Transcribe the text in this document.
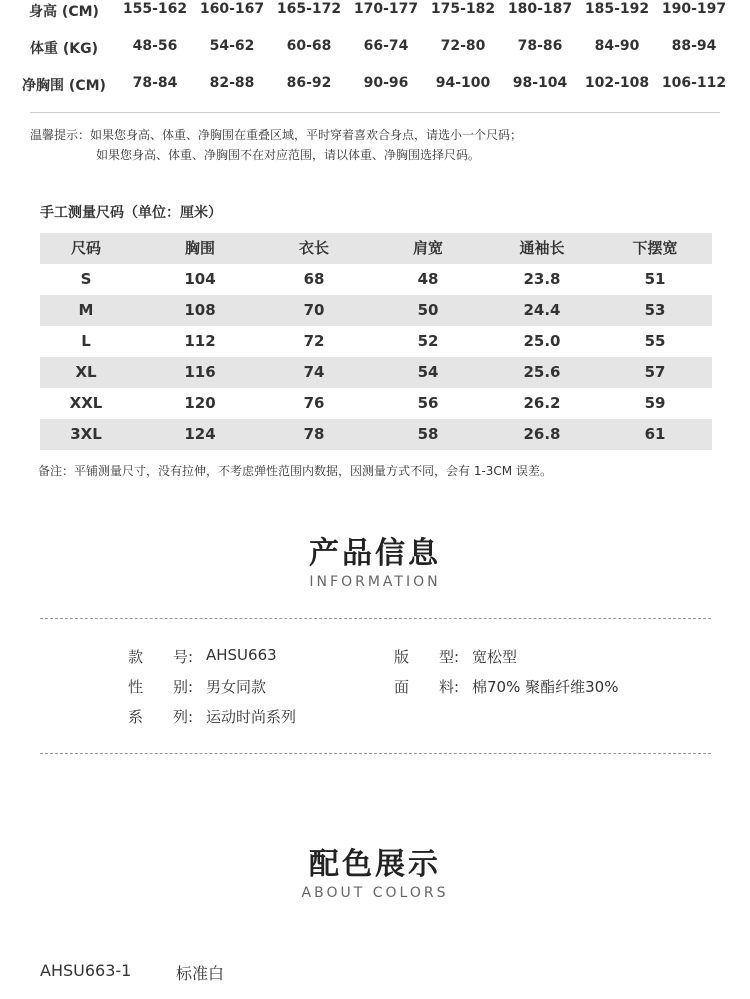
身高 (CM)	155-162 160-167 165-172 170-177 175-182 180-187 185-192 190-197
体重 (KG)	48-56	54-62	60-68	66-74	72-80	78-86	84-90	88-94
净胸围 (CM)	78-84	82-88	86-92	90-96	94-100	98-104	102-108 106-112
温馨提示：如果您身高、体重、净胸围在重叠区域，平时穿着喜欢合身点，请选小一个尺码；
如果您身高、体重、净胸围不在对应范围，请以体重、净胸围选择尺码。
手工测量尺码（单位：厘米）
尺码	胸围	衣长	肩宽	通袖长	下摆宽
S	104	68	48	23.8	51
M	108	70	50	24.4	53
L	112	72	52	25.0	55
XL	116	74	54	25.6	57
XXL	120	76	56	26.2	59
3XL	124	78	58	26.8	61
备注：平铺测量尺寸，没有拉伸，不考虑弹性范围内数据，因测量方式不同，会有 1-3CM 误差。
产品信息
INFORMATION
款　　号: AHSU663	版　　型: 宽松型
性　　别: 男女同款	面　　料: 棉70% 聚酯纤维30%
系　　列: 运动时尚系列
配色展示
ABOUT COLORS
AHSU663-1	标准白
